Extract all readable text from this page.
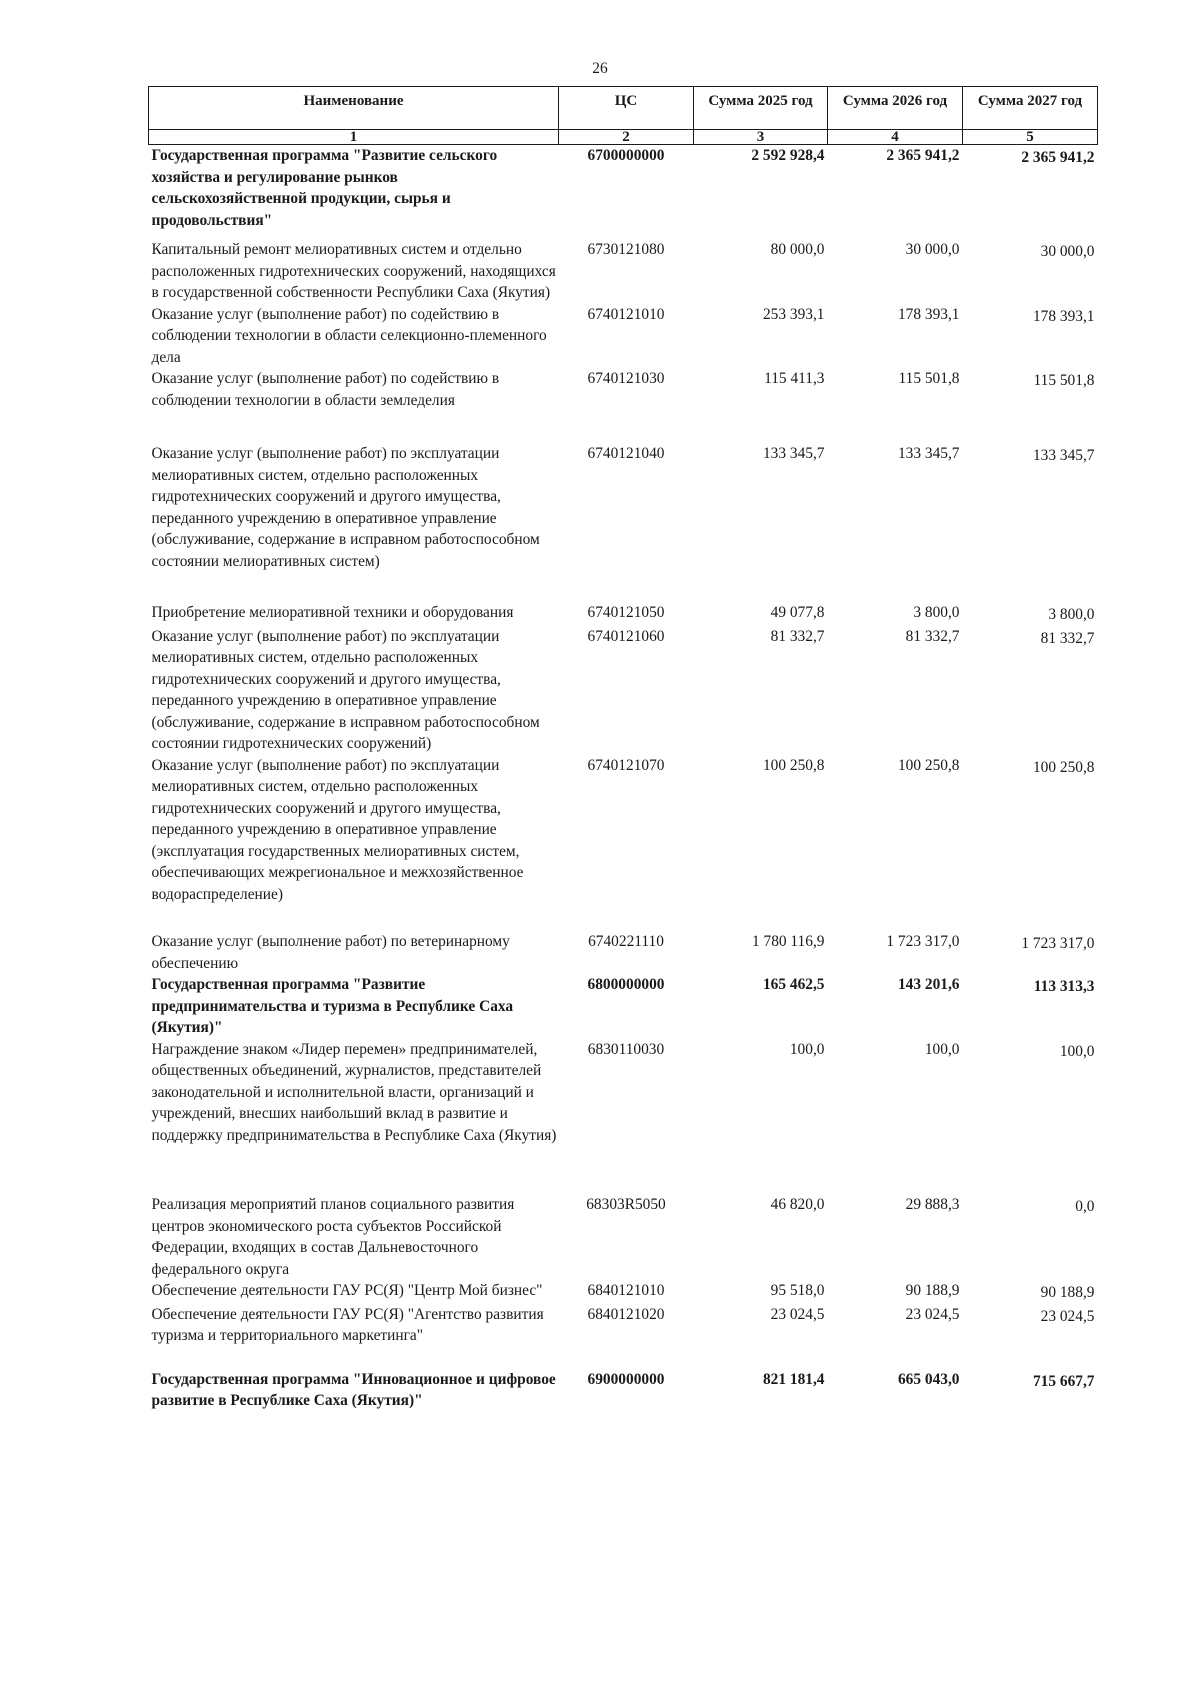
26
Наименование	ЦС	Сумма 2025 год	Сумма 2026 год	Сумма 2027 год
1	2	3	4	5
Государственная программа "Развитие сельского хозяйства и регулирование рынков сельскохозяйственной продукции, сырья и продовольствия"	6700000000	2 592 928,4	2 365 941,2	2 365 941,2
Капитальный ремонт мелиоративных систем и отдельно расположенных гидротехнических сооружений, находящихся в государственной собственности Республики Саха (Якутия)	6730121080	80 000,0	30 000,0	30 000,0
Оказание услуг (выполнение работ) по содействию в соблюдении технологии в области селекционно-племенного дела	6740121010	253 393,1	178 393,1	178 393,1
Оказание услуг (выполнение работ) по содействию в соблюдении технологии в области земледелия	6740121030	115 411,3	115 501,8	115 501,8
Оказание услуг (выполнение работ) по эксплуатации мелиоративных систем, отдельно расположенных гидротехнических сооружений и другого имущества, переданного учреждению в оперативное управление (обслуживание, содержание в исправном работоспособном состоянии мелиоративных систем)	6740121040	133 345,7	133 345,7	133 345,7
Приобретение мелиоративной техники и оборудования	6740121050	49 077,8	3 800,0	3 800,0
Оказание услуг (выполнение работ) по эксплуатации мелиоративных систем, отдельно расположенных гидротехнических сооружений и другого имущества, переданного учреждению в оперативное управление (обслуживание, содержание в исправном работоспособном состоянии гидротехнических сооружений)	6740121060	81 332,7	81 332,7	81 332,7
Оказание услуг (выполнение работ) по эксплуатации мелиоративных систем, отдельно расположенных гидротехнических сооружений и другого имущества, переданного учреждению в оперативное управление (эксплуатация государственных мелиоративных систем, обеспечивающих межрегиональное и межхозяйственное водораспределение)	6740121070	100 250,8	100 250,8	100 250,8
Оказание услуг (выполнение работ) по ветеринарному обеспечению	6740221110	1 780 116,9	1 723 317,0	1 723 317,0
Государственная программа "Развитие предпринимательства и туризма в Республике Саха (Якутия)"	6800000000	165 462,5	143 201,6	113 313,3
Награждение знаком «Лидер перемен» предпринимателей, общественных объединений, журналистов, представителей законодательной и исполнительной власти, организаций и учреждений, внесших наибольший вклад в развитие и поддержку предпринимательства в Республике Саха (Якутия)	6830110030	100,0	100,0	100,0
Реализация мероприятий планов социального развития центров экономического роста субъектов Российской Федерации, входящих в состав Дальневосточного федерального округа	68303R5050	46 820,0	29 888,3	0,0
Обеспечение деятельности ГАУ РС(Я) "Центр Мой бизнес"	6840121010	95 518,0	90 188,9	90 188,9
Обеспечение деятельности ГАУ РС(Я) "Агентство развития туризма и территориального маркетинга"	6840121020	23 024,5	23 024,5	23 024,5
Государственная программа "Инновационное и цифровое развитие в Республике Саха (Якутия)"	6900000000	821 181,4	665 043,0	715 667,7
